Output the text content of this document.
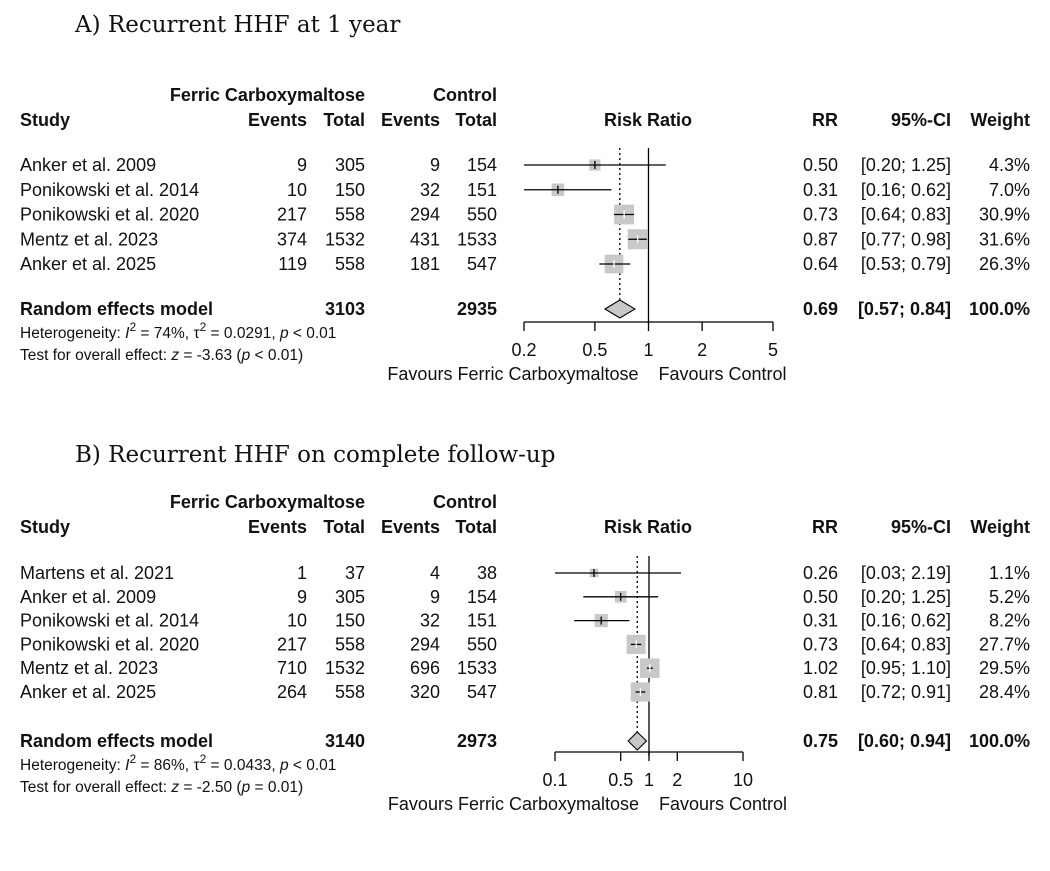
A) Recurrent HHF at 1 year
Ferric Carboxymaltose	Control
Study	Events Total Events Total	Risk Ratio	RR	95%-CI Weight
Anker et al. 2009	9 305	9 154	0.50 [0.20; 1.25] 4.3%
Ponikowski et al. 2014	10 150	32 151	0.31 [0.16; 0.62] 7.0%
Ponikowski et al. 2020	217 558 294 550	0.73 [0.64; 0.83] 30.9%
Mentz et al. 2023	374 1532 431 1533	0.87 [0.77; 0.98] 31.6%
Anker et al. 2025	119 558 181 547	0.64 [0.53; 0.79] 26.3%
Random effects model	3103	2935	0.69 [0.57; 0.84] 100.0%
0.2	0.5 1 2	5
Favours Ferric Carboxymaltose Favours Control
Heterogeneity: $I^2 = 74\%$, $\tau^2 = 0.0291$, p < 0.01
Test for overall effect: z = -3.63 (p < 0.01)
B) Recurrent HHF on complete follow-up
Ferric Carboxymaltose	Control
Study	Events Total Events Total	Risk Ratio	RR	95%-CI Weight
Martens et al. 2021	1 37	4 38	0.26 [0.03; 2.19] 1.1%
Anker et al. 2009	9 305	9 154	0.50 [0.20; 1.25] 5.2%
Ponikowski et al. 2014	10 150	32 151	0.31 [0.16; 0.62] 8.2%
Ponikowski et al. 2020	217 558 294 550	0.73 [0.64; 0.83] 27.7%
Mentz et al. 2023	710 1532 696 1533	1.02 [0.95; 1.10] 29.5%
Anker et al. 2025	264 558 320 547	0.81 [0.72; 0.91] 28.4%
Random effects model	3140	2973	0.75 [0.60; 0.94] 100.0%
0.1 0.5 1 2	10
Favours Ferric Carboxymaltose Favours Control
Heterogeneity: $I^2 = 86\%$, $\tau^2 = 0.0433$, p < 0.01
Test for overall effect: z = -2.50 (p = 0.01)
